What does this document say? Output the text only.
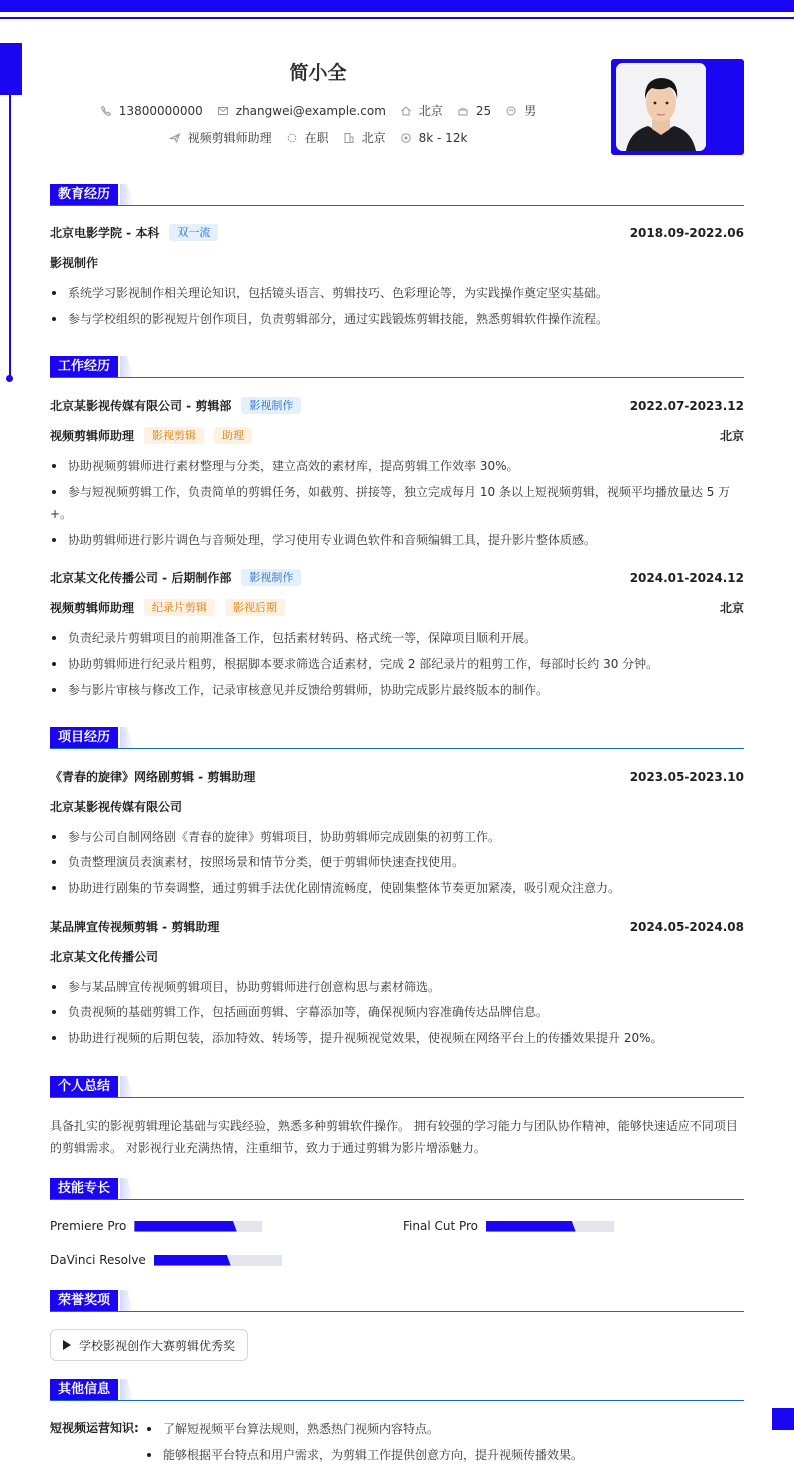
简小全
13800000000	zhangwei@example.com	北京	25	男
视频剪辑师助理	在职	北京	8k - 12k
教育经历
工作经历
项目经历
个人总结
技能专长
荣誉奖项
其他信息
北京电影学院 - 本科	双一流	2018.09-2022.06
影视制作
系统学习影视制作相关理论知识，包括镜头语言、剪辑技巧、色彩理论等，为实践操作奠定坚实基础。
参与学校组织的影视短片创作项目，负责剪辑部分，通过实践锻炼剪辑技能，熟悉剪辑软件操作流程。
北京某影视传媒有限公司 - 剪辑部	影视制作	2022.07-2023.12
视频剪辑师助理	影视剪辑	助理	北京
协助视频剪辑师进行素材整理与分类，建立高效的素材库，提高剪辑工作效率 30%。
参与短视频剪辑工作，负责简单的剪辑任务，如截剪、拼接等，独立完成每月 10 条以上短视频剪辑，视频平均播放量达 5 万
+。
协助剪辑师进行影片调色与音频处理，学习使用专业调色软件和音频编辑工具，提升影片整体质感。
北京某文化传播公司 - 后期制作部	影视制作	2024.01-2024.12
视频剪辑师助理	纪录片剪辑	影视后期	北京
负责纪录片剪辑项目的前期准备工作，包括素材转码、格式统一等，保障项目顺利开展。
协助剪辑师进行纪录片粗剪，根据脚本要求筛选合适素材，完成 2 部纪录片的粗剪工作，每部时长约 30 分钟。
参与影片审核与修改工作，记录审核意见并反馈给剪辑师，协助完成影片最终版本的制作。
《青春的旋律》网络剧剪辑 - 剪辑助理	2023.05-2023.10
北京某影视传媒有限公司
参与公司自制网络剧《青春的旋律》剪辑项目，协助剪辑师完成剧集的初剪工作。
负责整理演员表演素材，按照场景和情节分类，便于剪辑师快速查找使用。
协助进行剧集的节奏调整，通过剪辑手法优化剧情流畅度，使剧集整体节奏更加紧凑，吸引观众注意力。
某品牌宣传视频剪辑 - 剪辑助理	2024.05-2024.08
北京某文化传播公司
参与某品牌宣传视频剪辑项目，协助剪辑师进行创意构思与素材筛选。
负责视频的基础剪辑工作，包括画面剪辑、字幕添加等，确保视频内容准确传达品牌信息。
协助进行视频的后期包装，添加特效、转场等，提升视频视觉效果，使视频在网络平台上的传播效果提升 20%。
具备扎实的影视剪辑理论基础与实践经验，熟悉多种剪辑软件操作。 拥有较强的学习能力与团队协作精神，能够快速适应不同项目的剪辑需求。 对影视行业充满热情，注重细节，致力于通过剪辑为影片增添魅力。
Premiere Pro	Final Cut Pro
DaVinci Resolve
学校影视创作大赛剪辑优秀奖
短视频运营知识:	了解短视频平台算法规则，熟悉热门视频内容特点。
能够根据平台特点和用户需求，为剪辑工作提供创意方向，提升视频传播效果。
